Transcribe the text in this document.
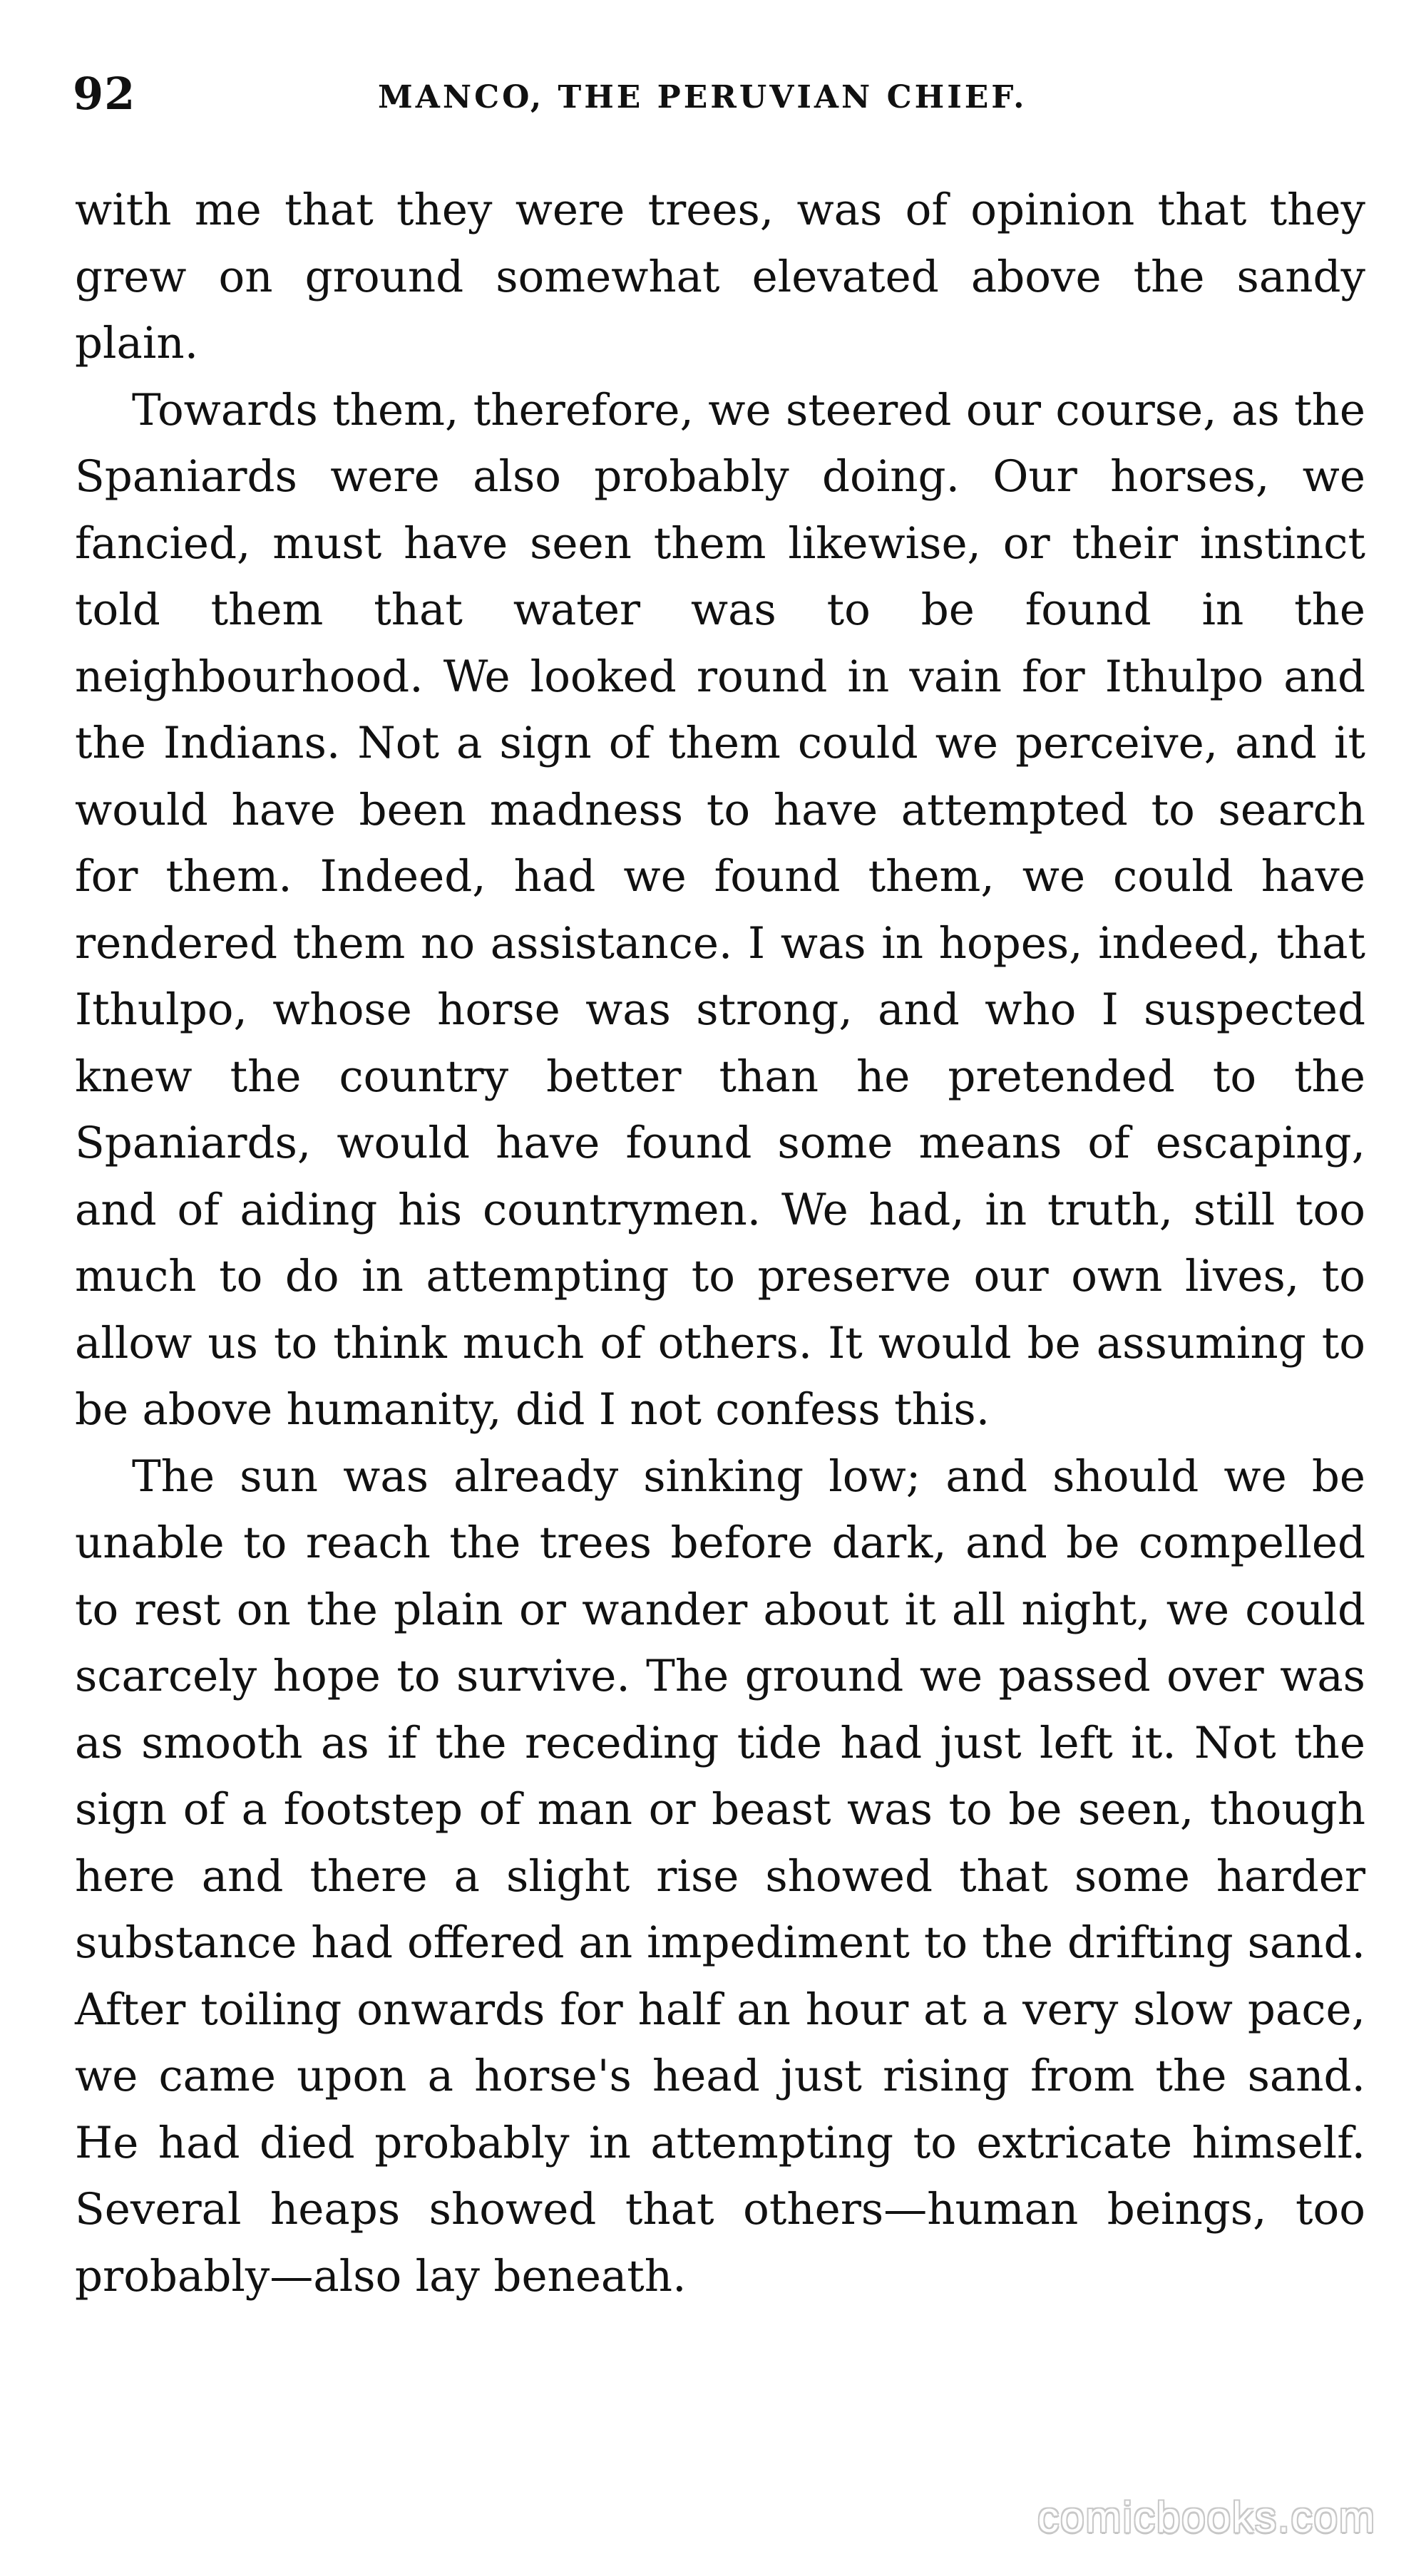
92	MANCO, THE PERUVIAN CHIEF.

with me that they were trees, was of opinion that they grew on ground somewhat elevated above the sandy plain.

Towards them, therefore, we steered our course, as the Spaniards were also probably doing. Our horses, we fancied, must have seen them likewise, or their instinct told them that water was to be found in the neighbourhood. We looked round in vain for Ithulpo and the Indians. Not a sign of them could we perceive, and it would have been madness to have attempted to search for them. Indeed, had we found them, we could have rendered them no assistance. I was in hopes, indeed, that Ithulpo, whose horse was strong, and who I suspected knew the country better than he pretended to the Spaniards, would have found some means of escaping, and of aiding his countrymen. We had, in truth, still too much to do in attempting to preserve our own lives, to allow us to think much of others. It would be assuming to be above humanity, did I not confess this.

The sun was already sinking low; and should we be unable to reach the trees before dark, and be compelled to rest on the plain or wander about it all night, we could scarcely hope to survive. The ground we passed over was as smooth as if the receding tide had just left it. Not the sign of a footstep of man or beast was to be seen, though here and there a slight rise showed that some harder substance had offered an impediment to the drifting sand. After toiling onwards for half an hour at a very slow pace, we came upon a horse's head just rising from the sand. He had died probably in attempting to extricate himself. Several heaps showed that others—human beings, too probably—also lay beneath.

comicbooks.com
